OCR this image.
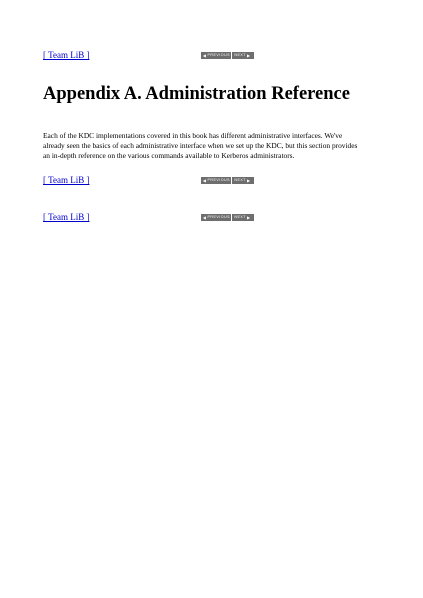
[ Team LiB ]	◀ PREVIOUS NEXT ▶
Appendix A. Administration Reference

Each of the KDC implementations covered in this book has different administrative interfaces. We've already seen the basics of each administrative interface when we set up the KDC, but this section provides an in-depth reference on the various commands available to Kerberos administrators.

[ Team LiB ]	◀ PREVIOUS NEXT ▶
[ Team LiB ]	◀ PREVIOUS NEXT ▶
